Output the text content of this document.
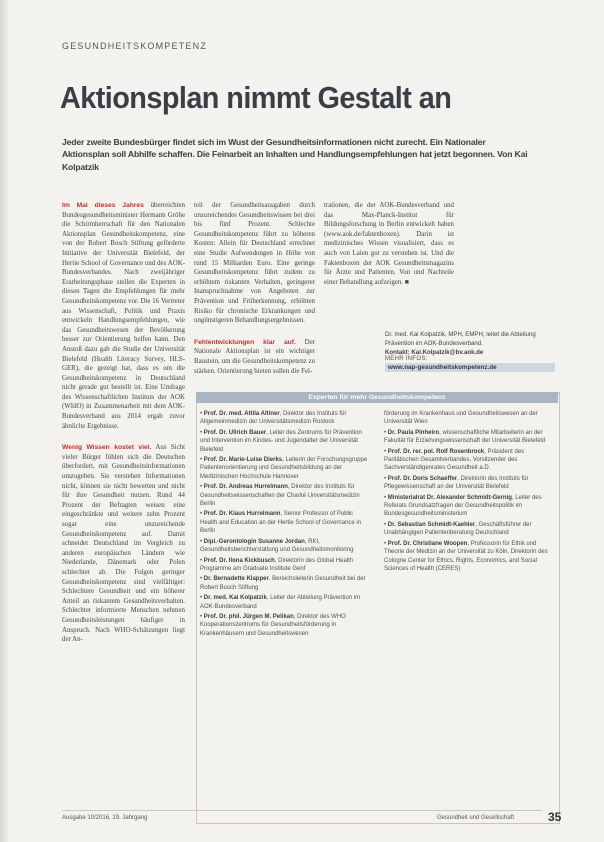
GESUNDHEITSKOMPETENZ
Aktionsplan nimmt Gestalt an
Jeder zweite Bundesbürger findet sich im Wust der Gesundheitsinformationen nicht zurecht. Ein Nationaler Aktionsplan soll Abhilfe schaffen. Die Feinarbeit an Inhalten und Handlungsempfehlungen hat jetzt begonnen. Von Kai Kolpatzik

Im Mai dieses Jahres überreichten Bundesgesundheitsminister Hermann Gröhe die Schirmherrschaft für den Nationalen Aktionsplan Gesundheitskompetenz, eine von der Robert Bosch Stiftung geförderte Initiative der Universität Bielefeld, der Hertie School of Governance und des AOK-Bundesverbandes. Nach zweijähriger Erarbeitungsphase stellen die Experten in diesen Tagen die Empfehlungen für mehr Gesundheitskompetenz vor. Die 16 Vertreter aus Wissenschaft, Politik und Praxis entwickeln Handlungsempfehlungen, wie das Gesundheitswesen der Bevölkerung besser zur Orientierung helfen kann. Den Anstoß dazu gab die Studie der Universität Bielefeld (Health Literacy Survey, HLS-GER), die gezeigt hat, dass es um die Gesundheitskompetenz in Deutschland nicht gerade gut bestellt ist. Eine Umfrage des Wissenschaftlichen Instituts der AOK (WIdO) in Zusammenarbeit mit dem AOK-Bundesverband aus 2014 ergab zuvor ähnliche Ergebnisse.

Wenig Wissen kostet viel. Aus Sicht vieler Bürger fühlen sich die Deutschen überfordert, mit Gesundheitsinformationen umzugehen. Sie verstehen Informationen nicht, können sie nicht bewerten und nicht für ihre Gesundheit nutzen. Rund 44 Prozent der Befragten weisen eine eingeschränkte und weitere zehn Prozent sogar eine unzureichende Gesundheitskompetenz auf. Damit schneidet Deutschland im Vergleich zu anderen europäischen Ländern wie Niederlande, Dänemark oder Polen schlechter ab. Die Folgen geringer Gesundheitskompetenz sind vielfältiger: Schlechtere Gesundheit und ein höherer Anteil an riskantem Gesundheitsverhalten. Schlechter informierte Menschen nehmen Gesundheitsleistungen häufiger in Anspruch. Nach WHO-Schätzungen liegt der An-

teil der Gesundheitsausgaben durch unzureichendes Gesundheitswissen bei drei bis fünf Prozent. Schlechte Gesundheitskompetenz führt zu höheren Kosten: Allein für Deutschland errechnet eine Studie Aufwendungen in Höhe von rund 15 Milliarden Euro. Eine geringe Gesundheitskompetenz führt zudem zu erhöhtem riskanten Verhalten, geringerer Inanspruchnahme von Angeboten zur Prävention und Früherkennung, erhöhten Risiko für chronische Erkrankungen und ungünstigeren Behandlungsergebnissen.

Fehlentwicklungen klar auf. Der Nationale Aktionsplan ist ein wichtiger Baustein, um die Gesundheitskompetenz zu stärken. Orientierung bieten sollen die Fel-

trationen, die der AOK-Bundesverband und das Max-Planck-Institut für Bildungsforschung in Berlin entwickelt haben (www.aok.de/faktenboxen). Darin ist medizinisches Wissen visualisiert, dass es auch von Laien gut zu verstehen ist. Und die Faktenboxen der AOK Gesundheitsmagazins für Ärzte und Patienten. Von und Nachteile einer Behandlung aufzeigen. ■

Dr. med. Kai Kolpatzik, MPH, EMPH, leitet die Abteilung Prävention im AOK-Bundesverband.
Kontakt: Kai.Kolpatzik@bv.aok.de
MEHR INFOS:
www.nap-gesundheitskompetenz.de
Experten für mehr Gesundheitskompetenz

• Prof. Dr. med. Attila Altiner, Direktor des Instituts für Allgemeinmedizin der Universitätsmedizin Rostock

• Prof. Dr. Ullrich Bauer, Leiter des Zentrums für Prävention und Intervention im Kindes- und Jugendalter der Universität Bielefeld

• Prof. Dr. Marie-Luise Dierks, Leiterin der Forschungsgruppe Patientenorientierung und Gesundheitsbildung an der Medizinischen Hochschule Hannover

• Prof. Dr. Andreas Hurrelmann, Direktor des Instituts für Gesundheitswissenschaften der Charité Universitätsmedizin Berlin

• Prof. Dr. Klaus Hurrelmann, Senior Professor of Public Health and Education an der Hertie School of Governance in Berlin

• Dipl.-Gerontologin Susanne Jordan, RKI, Gesundheitsberichterstattung und Gesundheitsmonitoring

• Prof. Dr. Ilona Kickbusch, Direktorin des Global Health Programme am Graduate Institute Genf

• Dr. Bernadette Klapper, Bereichsleiterin Gesundheit bei der Robert Bosch Stiftung

• Dr. med. Kai Kolpatzik, Leiter der Abteilung Prävention im AOK-Bundesverband

• Prof. Dr. phil. Jürgen M. Pelikan, Direktor des WHO Kooperationszentrums für Gesundheitsförderung in Krankenhäusern und Gesundheitswesen

förderung im Krankenhaus und Gesundheitswesen an der Universität Wien

• Dr. Paula Pinheiro, wissenschaftliche Mitarbeiterin an der Fakultät für Erziehungswissenschaft der Universität Bielefeld

• Prof. Dr. rer. pol. Rolf Rosenbrock, Präsident des Paritätischen Gesamtverbandes, Vorsitzender des Sachverständigenrates Gesundheit a.D.

• Prof. Dr. Doris Schaeffer, Direktorin des Instituts für Pflegewissenschaft an der Universität Bielefeld

• Ministerialrat Dr. Alexander Schmidt-Gernig, Leiter des Referats Grundsatzfragen der Gesundheitspolitik im Bundesgesundheitsministerium

• Dr. Sebastian Schmidt-Kaehler, Geschäftsführer der Unabhängigen Patientenberatung Deutschland

• Prof. Dr. Christiane Woopen, Professorin für Ethik und Theorie der Medizin an der Universität zu Köln, Direktorin des Cologne Center for Ethics, Rights, Economics, and Social Sciences of Health (CERES)

Ausgabe 10/2016, 19. Jahrgang	Gesundheit und Gesellschaft	35
